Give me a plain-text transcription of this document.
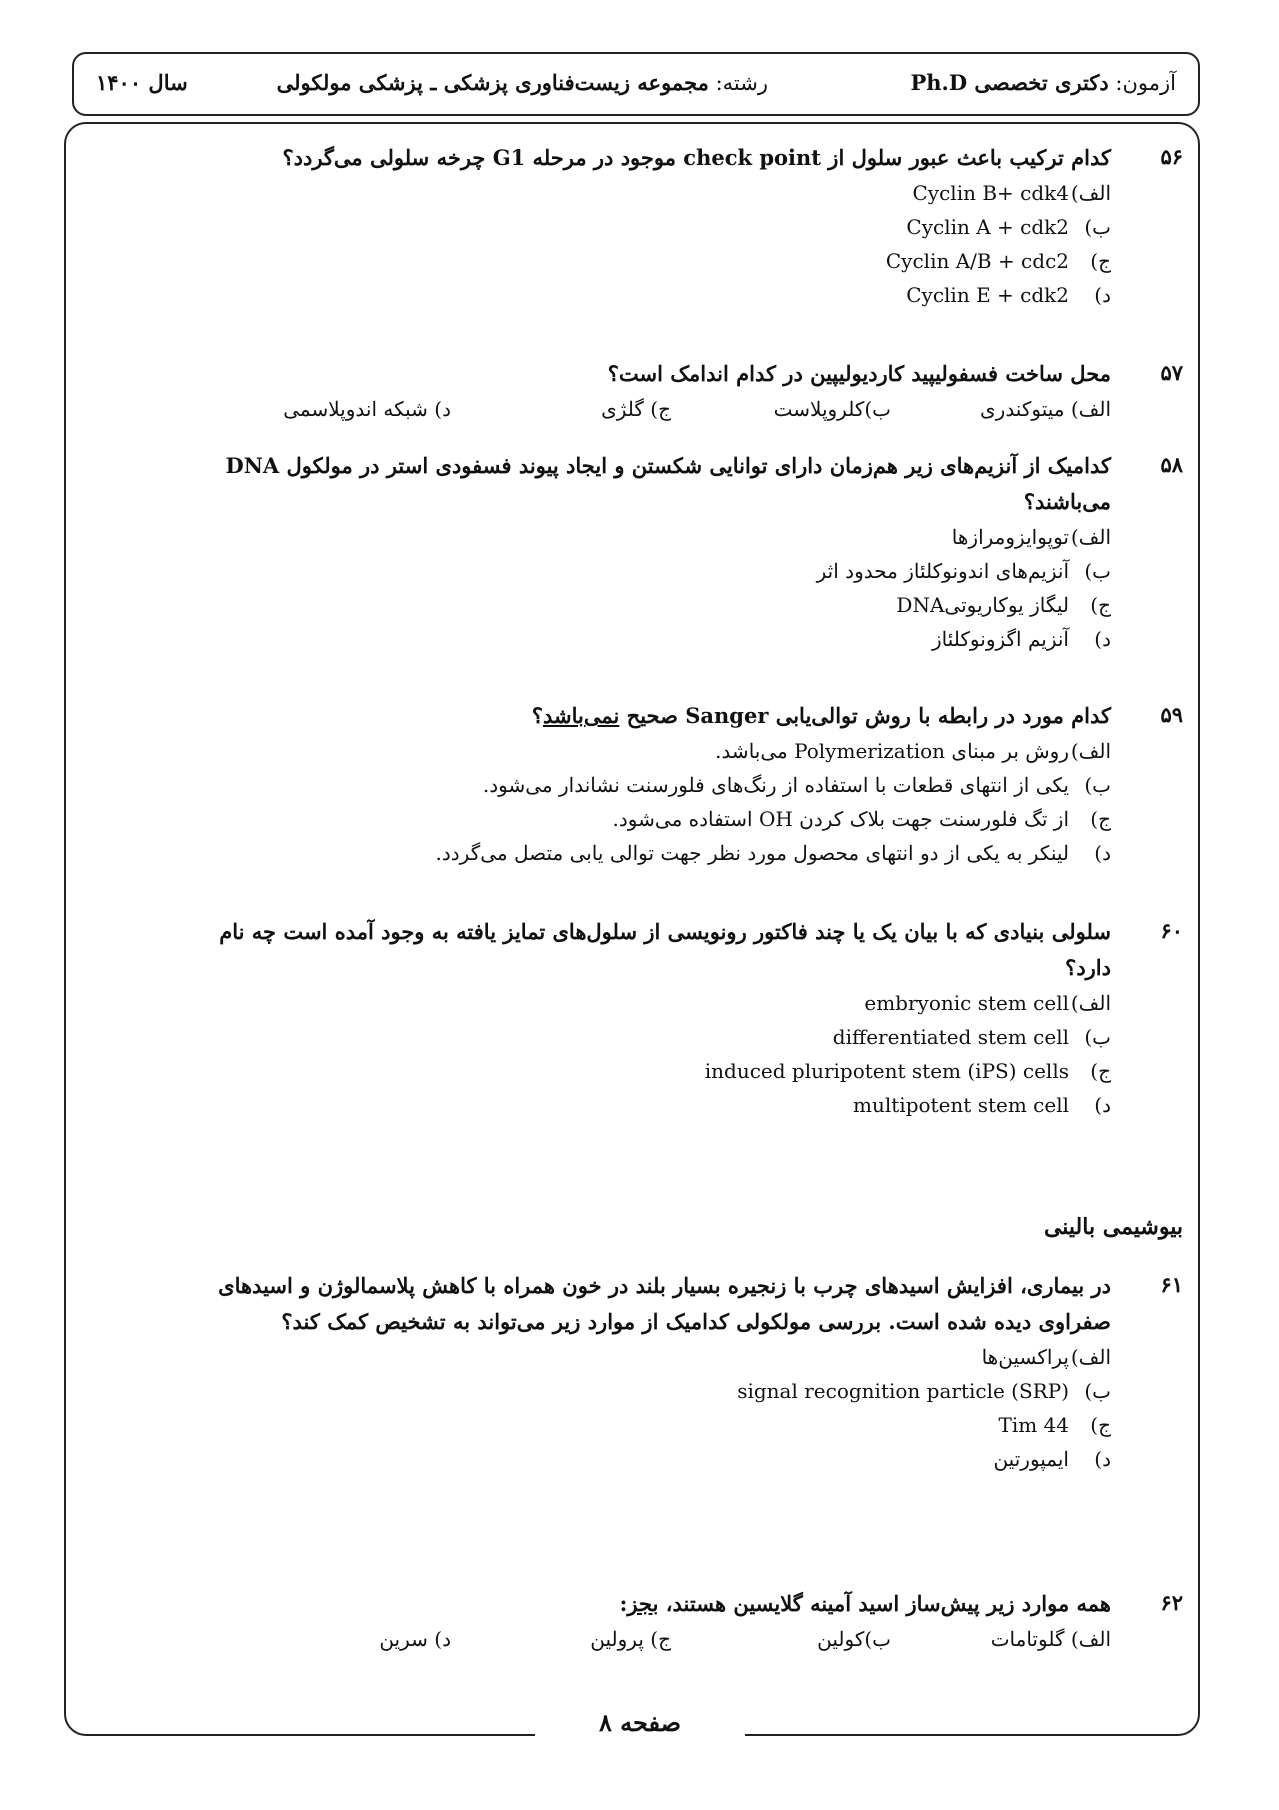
آزمون: دکتری تخصصی Ph.D
رشته: مجموعه زیست‌فناوری پزشکی ـ پزشکی مولکولی
سال ۱۴۰۰
صفحه ۸
۵۶
کدام ترکیب باعث عبور سلول از check point موجود در مرحله G1 چرخه سلولی می‌گردد؟
الف)Cyclin B+ cdk4
ب)Cyclin A + cdk2
ج)Cyclin A/B + cdc2
د)Cyclin E + cdk2
۵۷
محل ساخت فسفولیپید کاردیولیپین در کدام اندامک است؟
الف) میتوکندری
ب)کلروپلاست
ج) گلژی
د) شبکه اندوپلاسمی
۵۸
کدامیک از آنزیم‌های زیر هم‌زمان دارای توانایی شکستن و ایجاد پیوند فسفودی استر در مولکول DNA
می‌باشند؟
الف)توپوایزومرازها
ب)آنزیم‌های اندونوکلئاز محدود اثر
ج)لیگاز یوکاریوتیDNA
د)آنزیم اگزونوکلئاز
۵۹
کدام مورد در رابطه با روش توالی‌یابی Sanger صحیح نمی‌باشد؟
الف)روش بر مبنای Polymerization می‌باشد.
ب)یکی از انتهای قطعات با استفاده از رنگ‌های فلورسنت نشاندار می‌شود.
ج)از تگ فلورسنت جهت بلاک کردن OH استفاده می‌شود.
د)لینکر به یکی از دو انتهای محصول مورد نظر جهت توالی یابی متصل می‌گردد.
۶۰
سلولی بنیادی که با بیان یک یا چند فاکتور رونویسی از سلول‌های تمایز یافته به وجود آمده است چه نام
دارد؟
الف)embryonic stem cell
ب)differentiated stem cell
ج)induced pluripotent stem (iPS) cells
د)multipotent stem cell
بیوشیمی بالینی
۶۱
در بیماری، افزایش اسیدهای چرب با زنجیره بسیار بلند در خون همراه با کاهش پلاسمالوژن و اسیدهای
صفراوی دیده شده است. بررسی مولکولی کدامیک از موارد زیر می‌تواند به تشخیص کمک کند؟
الف)پراکسین‌ها
ب)signal recognition particle (SRP)
ج)Tim 44
د)ایمپورتین
۶۲
همه موارد زیر پیش‌ساز اسید آمینه گلایسین هستند، بجز:
الف) گلوتامات
ب)کولین
ج) پرولین
د) سرین
